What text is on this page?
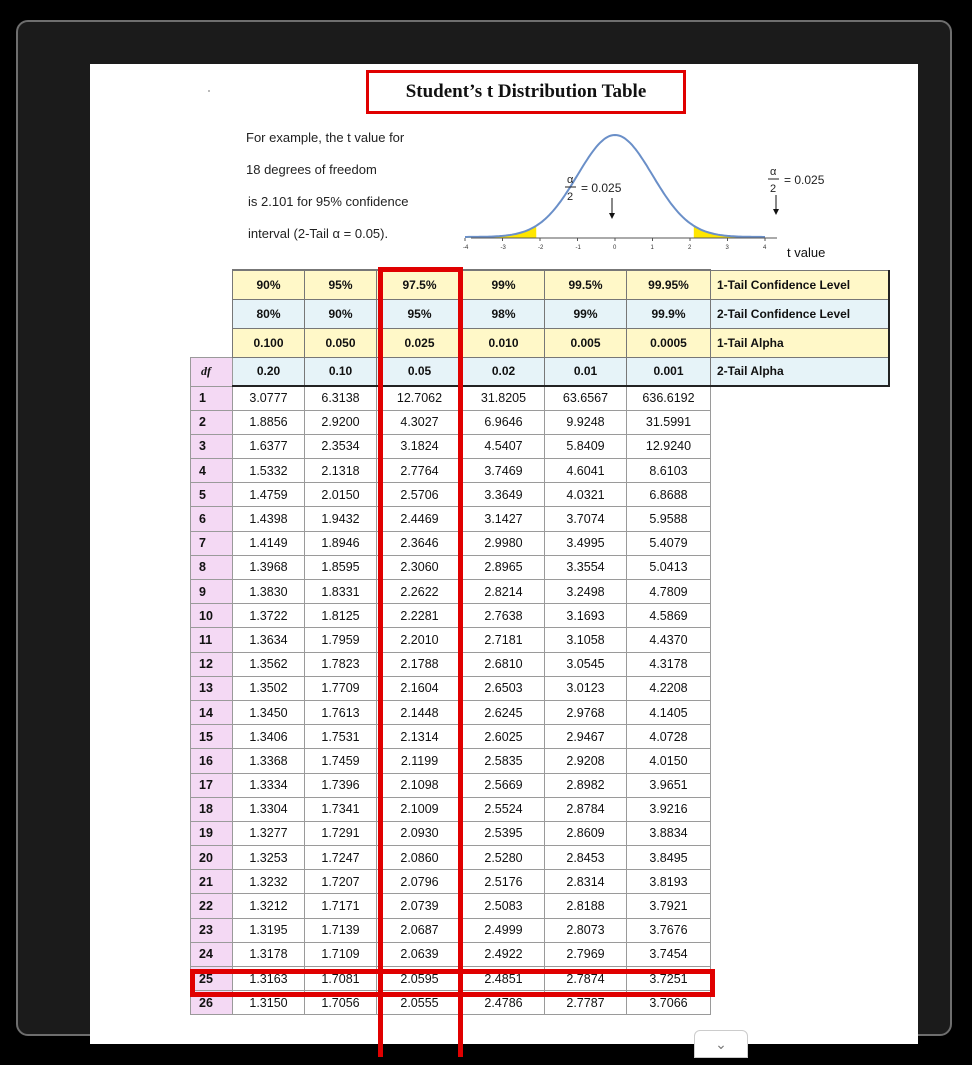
Student’s t Distribution Table
For example, the t value for
18 degrees of freedom
is 2.101 for 95% confidence
interval (2-Tail α = 0.05).
-4	-3	-2	-1	0	1	2	3	4 t value
α
2
= 0.025
α
2
= 0.025
	90%	95%	97.5%	99%	99.5%	99.95%	1-Tail Confidence Level
	80%	90%	95%	98%	99%	99.9%	2-Tail Confidence Level
	0.100	0.050	0.025	0.010	0.005	0.0005	1-Tail Alpha
df	0.20	0.10	0.05	0.02	0.01	0.001	2-Tail Alpha
1	3.0777	6.3138	12.7062	31.8205	63.6567	636.6192	
2	1.8856	2.9200	4.3027	6.9646	9.9248	31.5991	
3	1.6377	2.3534	3.1824	4.5407	5.8409	12.9240	
4	1.5332	2.1318	2.7764	3.7469	4.6041	8.6103	
5	1.4759	2.0150	2.5706	3.3649	4.0321	6.8688	
6	1.4398	1.9432	2.4469	3.1427	3.7074	5.9588	
7	1.4149	1.8946	2.3646	2.9980	3.4995	5.4079	
8	1.3968	1.8595	2.3060	2.8965	3.3554	5.0413	
9	1.3830	1.8331	2.2622	2.8214	3.2498	4.7809	
10	1.3722	1.8125	2.2281	2.7638	3.1693	4.5869	
11	1.3634	1.7959	2.2010	2.7181	3.1058	4.4370	
12	1.3562	1.7823	2.1788	2.6810	3.0545	4.3178	
13	1.3502	1.7709	2.1604	2.6503	3.0123	4.2208	
14	1.3450	1.7613	2.1448	2.6245	2.9768	4.1405	
15	1.3406	1.7531	2.1314	2.6025	2.9467	4.0728	
16	1.3368	1.7459	2.1199	2.5835	2.9208	4.0150	
17	1.3334	1.7396	2.1098	2.5669	2.8982	3.9651	
18	1.3304	1.7341	2.1009	2.5524	2.8784	3.9216	
19	1.3277	1.7291	2.0930	2.5395	2.8609	3.8834	
20	1.3253	1.7247	2.0860	2.5280	2.8453	3.8495	
21	1.3232	1.7207	2.0796	2.5176	2.8314	3.8193	
22	1.3212	1.7171	2.0739	2.5083	2.8188	3.7921	
23	1.3195	1.7139	2.0687	2.4999	2.8073	3.7676	
24	1.3178	1.7109	2.0639	2.4922	2.7969	3.7454	
25	1.3163	1.7081	2.0595	2.4851	2.7874	3.7251	
26	1.3150	1.7056	2.0555	2.4786	2.7787	3.7066	
⌄
